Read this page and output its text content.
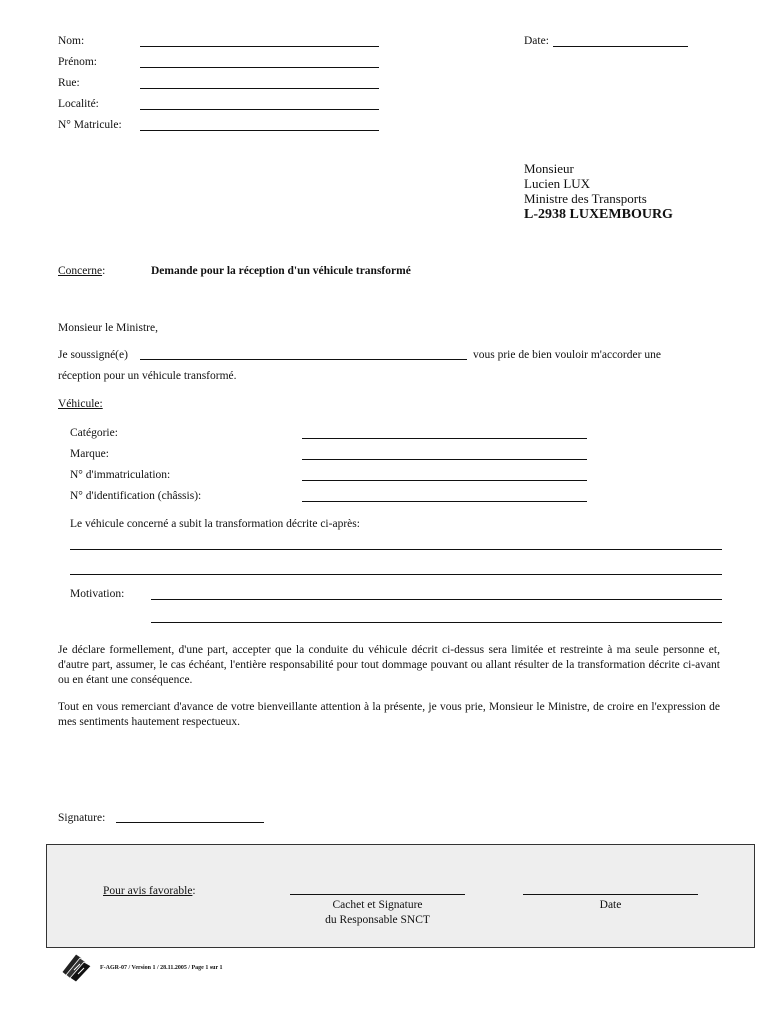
Nom:
Prénom:
Rue:
Localité:
N° Matricule:
Date:
Monsieur
Lucien LUX
Ministre des Transports
L-2938 LUXEMBOURG
Concerne:	Demande pour la réception d'un véhicule transformé
Monsieur le Ministre,
Je soussigné(e)	vous prie de bien vouloir m'accorder une
réception pour un véhicule transformé.
Véhicule:
Catégorie:
Marque:
N° d'immatriculation:
N° d'identification (châssis):
Le véhicule concerné a subit la transformation décrite ci-après:
Motivation:
Je déclare formellement, d'une part, accepter que la conduite du véhicule décrit ci-dessus sera limitée et restreinte à ma seule personne et, d'autre part, assumer, le cas échéant, l'entière responsabilité pour tout dommage pouvant ou allant résulter de la transformation décrite ci-avant ou en étant une conséquence.
Tout en vous remerciant d'avance de votre bienveillante attention à la présente, je vous prie, Monsieur le Ministre, de croire en l'expression de mes sentiments hautement respectueux.
Signature:
Pour avis favorable:
Cachet et Signature
du Responsable SNCT
Date
F-AGR-07 / Version 1 / 28.11.2005 / Page 1 sur 1
